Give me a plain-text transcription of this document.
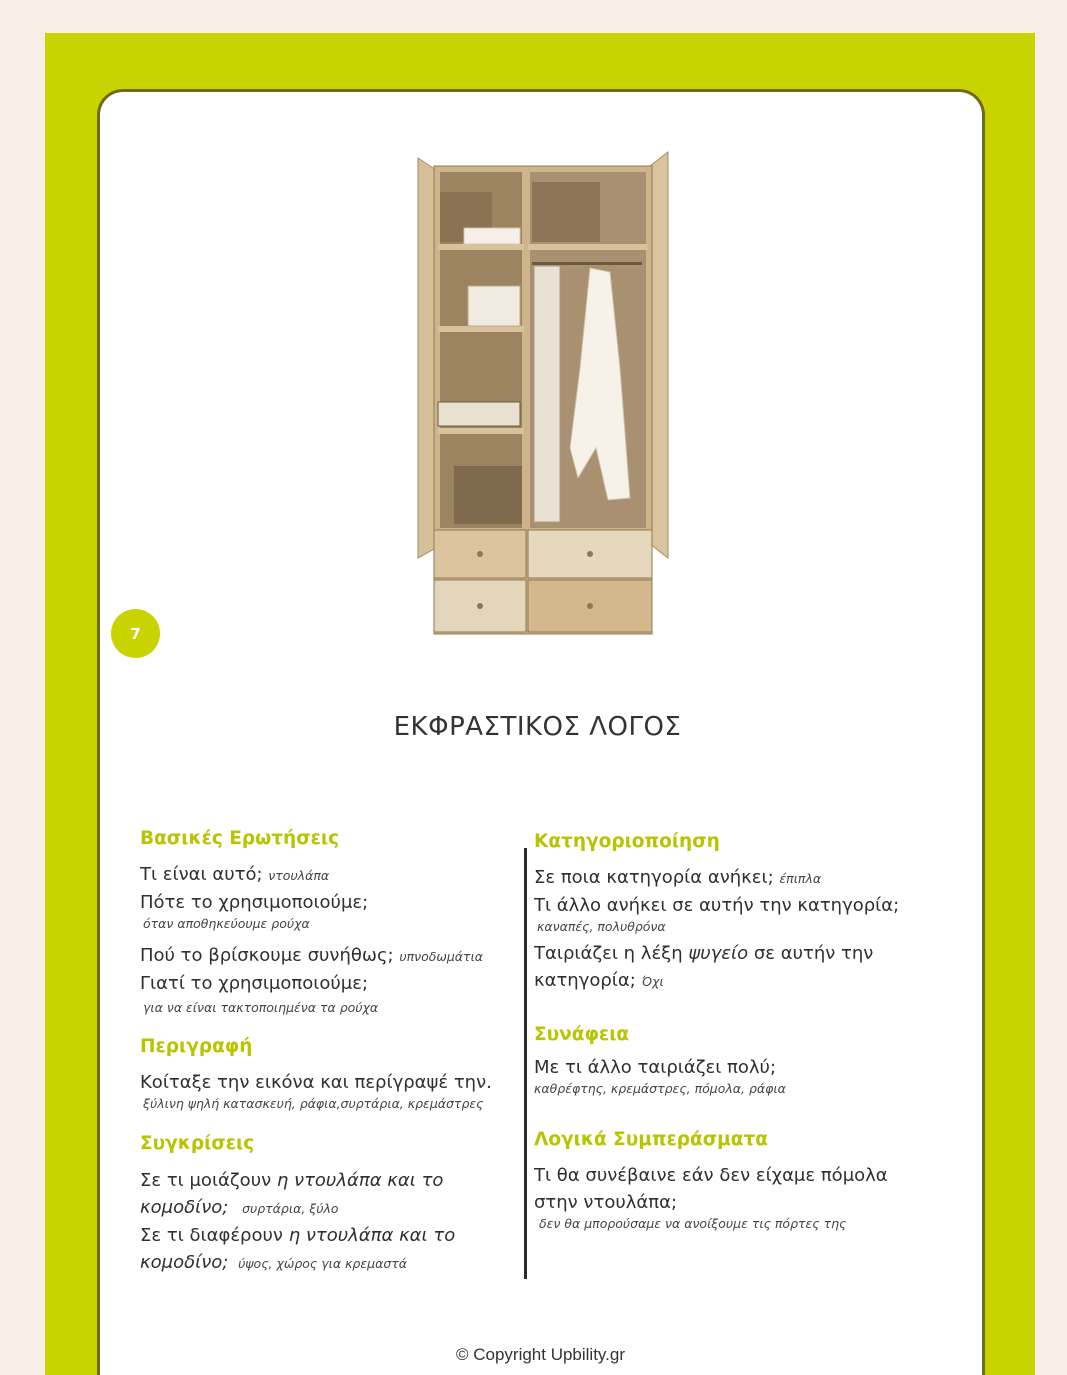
7
ΕΚΦΡΑΣΤΙΚΟΣ ΛΟΓΟΣ

Βασικές Ερωτήσεις

Τι είναι αυτό; ντουλάπα

Πότε το χρησιμοποιούμε;

όταν αποθηκεύουμε ρούχα

Πού το βρίσκουμε συνήθως; υπνοδωμάτια

Γιατί το χρησιμοποιούμε;

για να είναι τακτοποιημένα τα ρούχα

Περιγραφή

Κοίταξε την εικόνα και περίγραψέ την.

ξύλινη ψηλή κατασκευή, ράφια,συρτάρια, κρεμάστρες

Συγκρίσεις

Σε τι μοιάζουν η ντουλάπα και το
κομοδίνο; συρτάρια, ξύλο

Σε τι διαφέρουν η ντουλάπα και το
κομοδίνο; ύψος, χώρος για κρεμαστά

Κατηγοριοποίηση

Σε ποια κατηγορία ανήκει; έπιπλα

Τι άλλο ανήκει σε αυτήν την κατηγορία;

καναπές, πολυθρόνα

Ταιριάζει η λέξη ψυγείο σε αυτήν την
κατηγορία; Όχι

Συνάφεια

Με τι άλλο ταιριάζει πολύ;

καθρέφτης, κρεμάστρες, πόμολα, ράφια

Λογικά Συμπεράσματα

Τι θα συνέβαινε εάν δεν είχαμε πόμολα
στην ντουλάπα;

δεν θα μπορούσαμε να ανοίξουμε τις πόρτες της
© Copyright Upbility.gr
